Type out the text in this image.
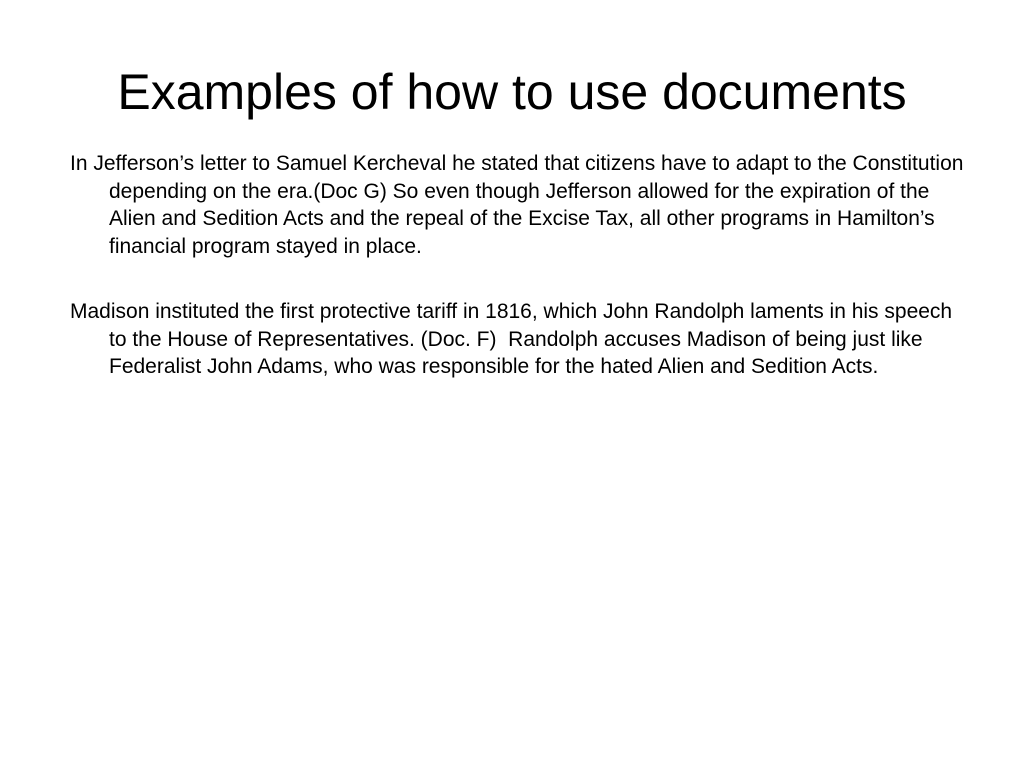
Examples of how to use documents

In Jefferson’s letter to Samuel Kercheval he stated that citizens have to adapt to the Constitution depending on the era.(Doc G) So even though Jefferson allowed for the expiration of the Alien and Sedition Acts and the repeal of the Excise Tax, all other programs in Hamilton’s financial program stayed in place.

Madison instituted the first protective tariff in 1816, which John Randolph laments in his speech to the House of Representatives. (Doc. F)  Randolph accuses Madison of being just like Federalist John Adams, who was responsible for the hated Alien and Sedition Acts.
